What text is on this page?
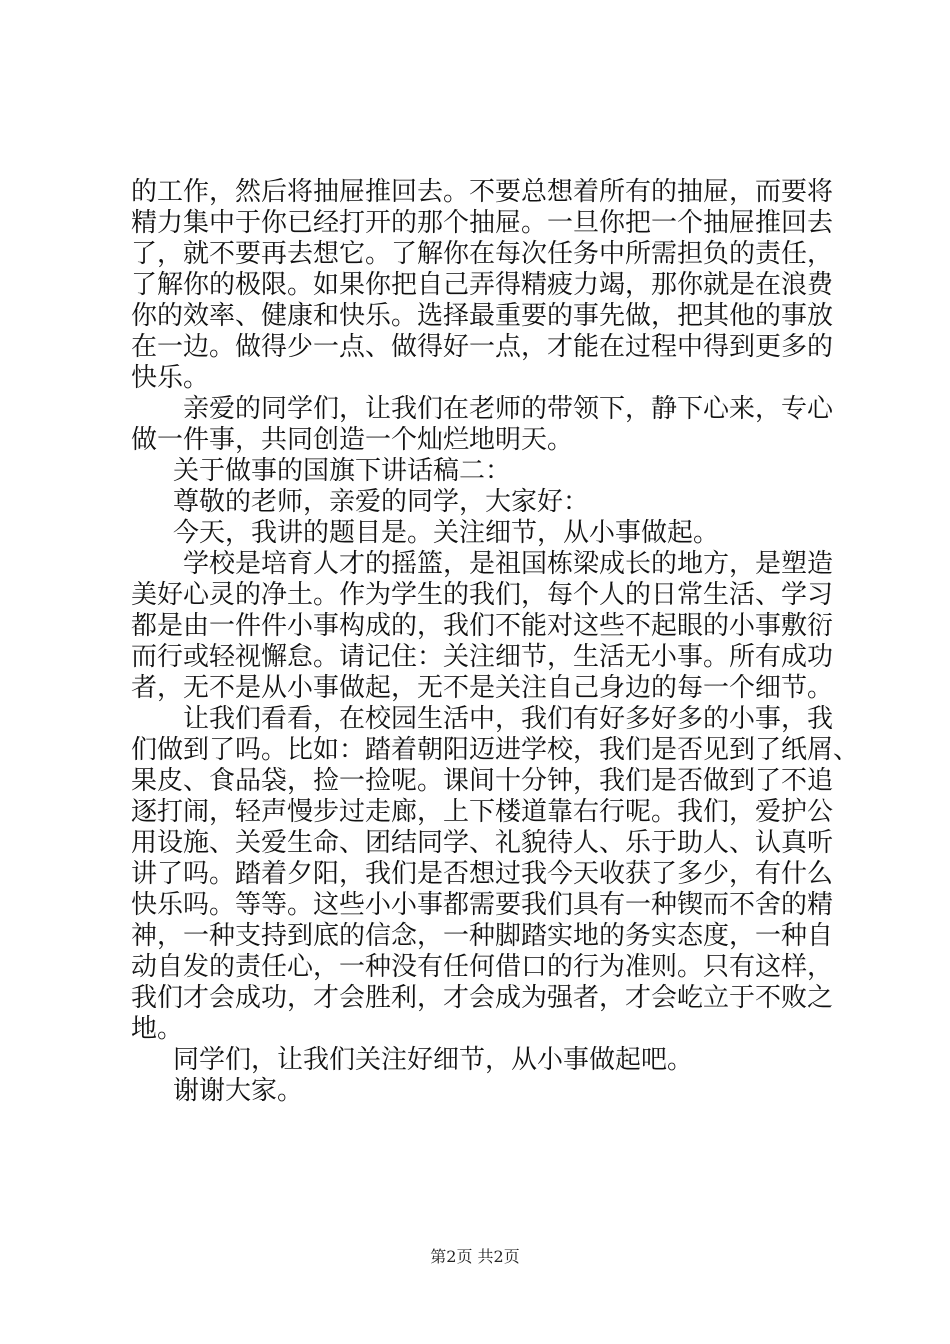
的工作，然后将抽屉推回去。不要总想着所有的抽屉，而要将
精力集中于你已经打开的那个抽屉。一旦你把一个抽屉推回去
了，就不要再去想它。了解你在每次任务中所需担负的责任，
了解你的极限。如果你把自己弄得精疲力竭，那你就是在浪费
你的效率、健康和快乐。选择最重要的事先做，把其他的事放
在一边。做得少一点、做得好一点，才能在过程中得到更多的
快乐。
亲爱的同学们，让我们在老师的带领下，静下心来，专心
做一件事，共同创造一个灿烂地明天。
关于做事的国旗下讲话稿二：
尊敬的老师，亲爱的同学，大家好：
今天，我讲的题目是。关注细节，从小事做起。
学校是培育人才的摇篮，是祖国栋梁成长的地方，是塑造
美好心灵的净土。作为学生的我们，每个人的日常生活、学习
都是由一件件小事构成的，我们不能对这些不起眼的小事敷衍
而行或轻视懈怠。请记住：关注细节，生活无小事。所有成功
者，无不是从小事做起，无不是关注自己身边的每一个细节。
让我们看看，在校园生活中，我们有好多好多的小事，我
们做到了吗。比如：踏着朝阳迈进学校，我们是否见到了纸屑、
果皮、食品袋，捡一捡呢。课间十分钟，我们是否做到了不追
逐打闹，轻声慢步过走廊，上下楼道靠右行呢。我们，爱护公
用设施、关爱生命、团结同学、礼貌待人、乐于助人、认真听
讲了吗。踏着夕阳，我们是否想过我今天收获了多少，有什么
快乐吗。等等。这些小小事都需要我们具有一种锲而不舍的精
神，一种支持到底的信念，一种脚踏实地的务实态度，一种自
动自发的责任心，一种没有任何借口的行为准则。只有这样，
我们才会成功，才会胜利，才会成为强者，才会屹立于不败之
地。
同学们，让我们关注好细节，从小事做起吧。
谢谢大家。
第2页 共2页
